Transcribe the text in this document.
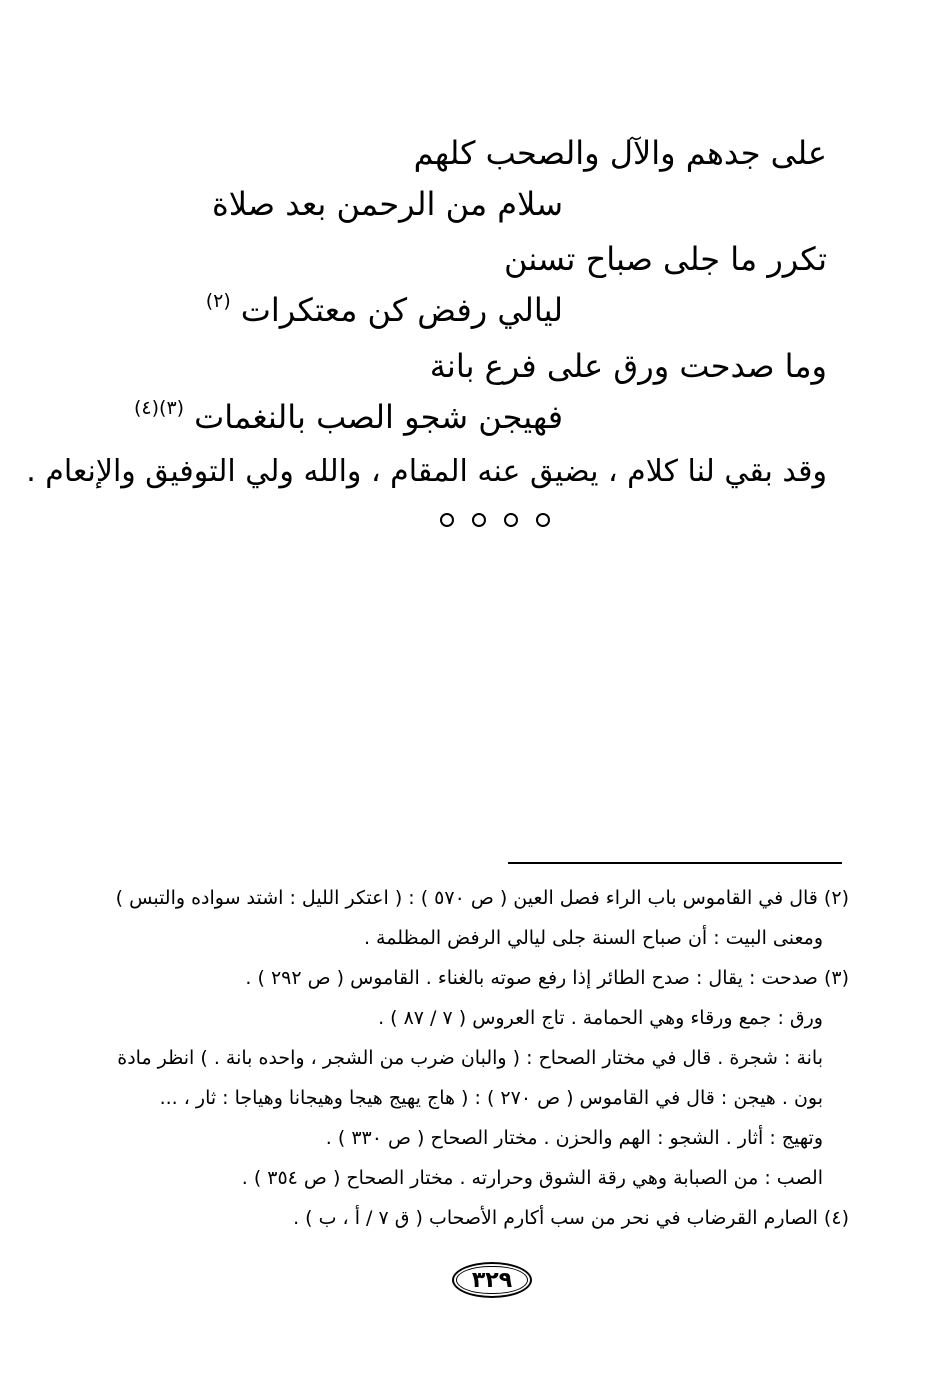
على جدهم والآل والصحب كلهم
سلام من الرحمن بعد صلاة
تكرر ما جلى صباح تسنن
ليالي رفض كن معتكرات$^{(٢)}$
وما صدحت ورق على فرع بانة
فهيجن شجو الصب بالنغمات$^{(٣)(٤)}$
وقد بقي لنا كلام ، يضيق عنه المقام ، والله ولي التوفيق والإنعام .
(٢) قال في القاموس باب الراء فصل العين ( ص ٥٧٠ ) : ( اعتكر الليل : اشتد سواده والتبس )
ومعنى البيت : أن صباح السنة جلى ليالي الرفض المظلمة .
(٣) صدحت : يقال : صدح الطائر إذا رفع صوته بالغناء . القاموس ( ص ٢٩٢ ) .
ورق : جمع ورقاء وهي الحمامة . تاج العروس ( ٧ / ٨٧ ) .
بانة : شجرة . قال في مختار الصحاح : ( والبان ضرب من الشجر ، واحده بانة . ) انظر مادة
بون . هيجن : قال في القاموس ( ص ٢٧٠ ) : ( هاج يهيج هيجا وهيجانا وهياجا : ثار ، ...
وتهيج : أثار . الشجو : الهم والحزن . مختار الصحاح ( ص ٣٣٠ ) .
الصب : من الصبابة وهي رقة الشوق وحرارته . مختار الصحاح ( ص ٣٥٤ ) .
(٤) الصارم القرضاب في نحر من سب أكارم الأصحاب ( ق ٧ / أ ، ب ) .
٣٢٩
